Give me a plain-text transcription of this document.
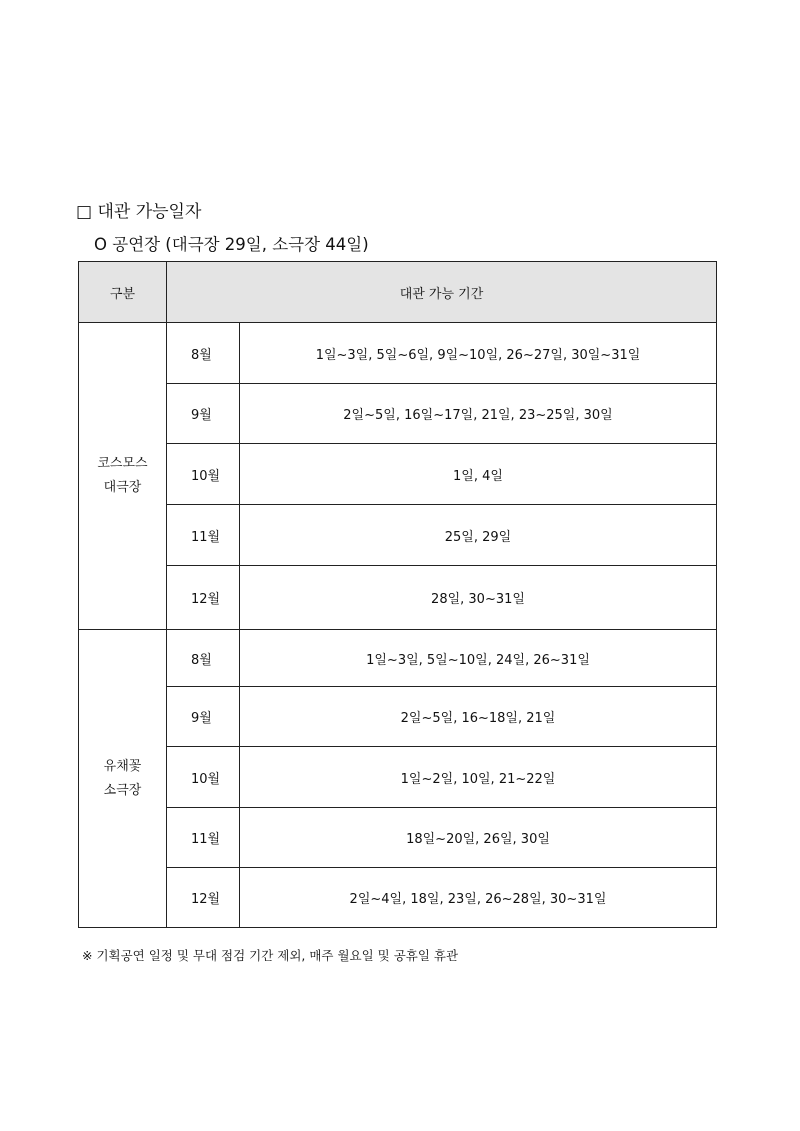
□ 대관 가능일자
O 공연장 (대극장 29일, 소극장 44일)
구분	대관 가능 기간	

코스모스
대극장	8월	1일~3일, 5일~6일, 9일~10일, 26~27일, 30일~31일
	9월	2일~5일, 16일~17일, 21일, 23~25일, 30일
	10월	1일, 4일
	11월	25일, 29일
	12월	28일, 30~31일

유채꽃
소극장	8월	1일~3일, 5일~10일, 24일, 26~31일
	9월	2일~5일, 16~18일, 21일
	10월	1일~2일, 10일, 21~22일
	11월	18일~20일, 26일, 30일
	12월	2일~4일, 18일, 23일, 26~28일, 30~31일
※ 기획공연 일정 및 무대 점검 기간 제외, 매주 월요일 및 공휴일 휴관
